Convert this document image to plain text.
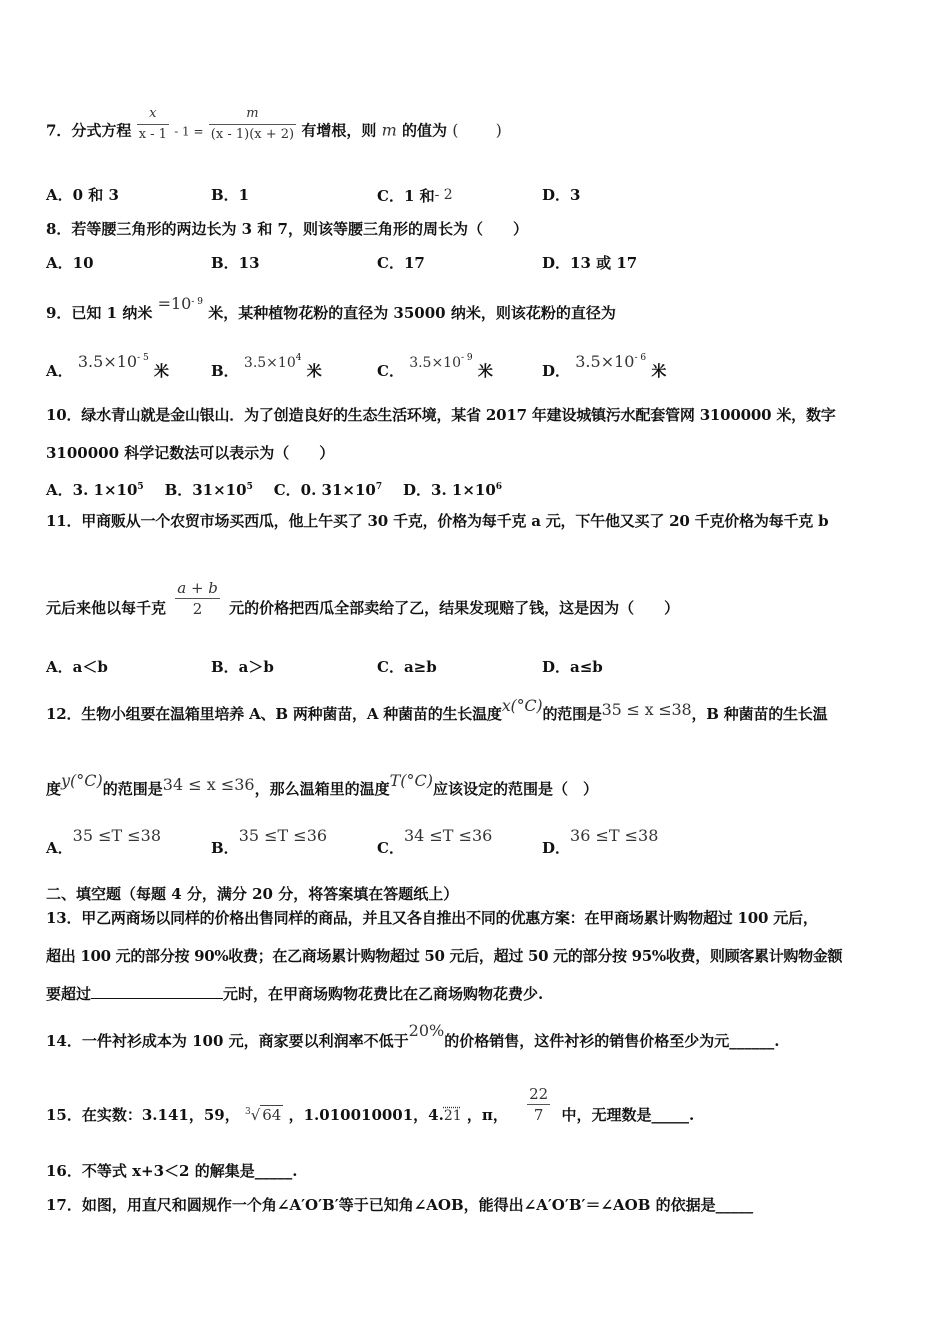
7．分式方程 $\frac{x}{x - 1} - 1 = \frac{m}{(x - 1)(x + 2)}$ 有增根，则 m 的值为 (　　 )
A．0 和 3	B．1	C．1 和- 2	D．3
8．若等腰三角形的两边长为 3 和 7，则该等腰三角形的周长为（　　）
A．10	B．13	C．17	D．13 或 17
9．已知 1 纳米 $=10^{- 9}$ 米，某种植物花粉的直径为 35000 纳米，则该花粉的直径为
A． $3.5\times 10^{- 5}$ 米	B． $3.5\times 10^4$ 米	C． $3.5\times 10^{- 9}$ 米	D． $3.5\times 10^{- 6}$ 米
10．绿水青山就是金山银山．为了创造良好的生态生活环境，某省 2017 年建设城镇污水配套管网 3100000 米，数字
3100000 科学记数法可以表示为（　　）
A．3. $1\times 10^5$ B．$31\times 10^5$ C．0. $31\times 10^7$ D．3. $1\times 10^6$
11．甲商贩从一个农贸市场买西瓜，他上午买了 30 千克，价格为每千克 a 元，下午他又买了 20 千克价格为每千克 b
元后来他以每千克 $\frac{a + b}{2}$ 元的价格把西瓜全部卖给了乙，结果发现赔了钱，这是因为（　　）
A．a＜b	B．a＞b	C．a≥b	D．a≤b
12．生物小组要在温箱里培养 A、B 两种菌苗，A 种菌苗的生长温度x(°C)的范围是35 ≤ x ≤38，B 种菌苗的生长温
度y(°C)的范围是34 ≤ x ≤36，那么温箱里的温度T(°C)应该设定的范围是（　）
A．35 ≤T ≤38
B．35 ≤T ≤36
C．34 ≤T ≤36
D．36 ≤T ≤38
二、填空题（每题 4 分，满分 20 分，将答案填在答题纸上）
13．甲乙两商场以同样的价格出售同样的商品，并且又各自推出不同的优惠方案：在甲商场累计购物超过 100 元后，
超出 100 元的部分按 90%收费；在乙商场累计购物超过 50 元后，超过 50 元的部分按 95%收费，则顾客累计购物金额
要超过	元时，在甲商场购物花费比在乙商场购物花费少.
14．一件衬衫成本为 100 元，商家要以利润率不低于20%的价格销售，这件衬衫的销售价格至少为元______.
15．在实数：3.141，59， $^3$√ 64 ，1.010010001，4.21 ，π， $\frac{22}{7}$ 中，无理数是_____.
16．不等式 x+3＜2 的解集是_____.
17．如图，用直尺和圆规作一个角∠A′O′B′等于已知角∠AOB，能得出∠A′O′B′＝∠AOB 的依据是_____
